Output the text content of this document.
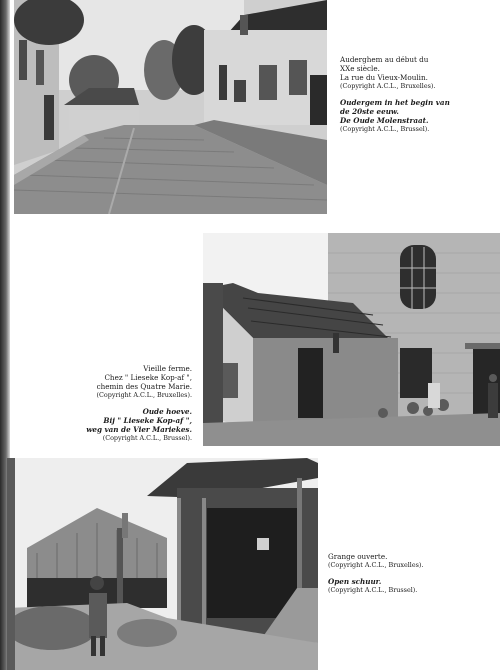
Auderghem au début du
XXe siècle.
La rue du Vieux-Moulin.
(Copyright A.C.L., Bruxelles).
Oudergem in het begin van
de 20ste eeuw.
De Oude Molenstraat.
(Copyright A.C.L., Brussel).
Vieille ferme.
Chez " Lieseke Kop-af ",
chemin des Quatre Marie.
(Copyright A.C.L., Bruxelles).
Oude hoeve.
Bij " Lieseke Kop-af ",
weg van de Vier Mariekes.
(Copyright A.C.L., Brussel).
Grange ouverte.
(Copyright A.C.L., Bruxelles).
Open schuur.
(Copyright A.C.L., Brussel).
